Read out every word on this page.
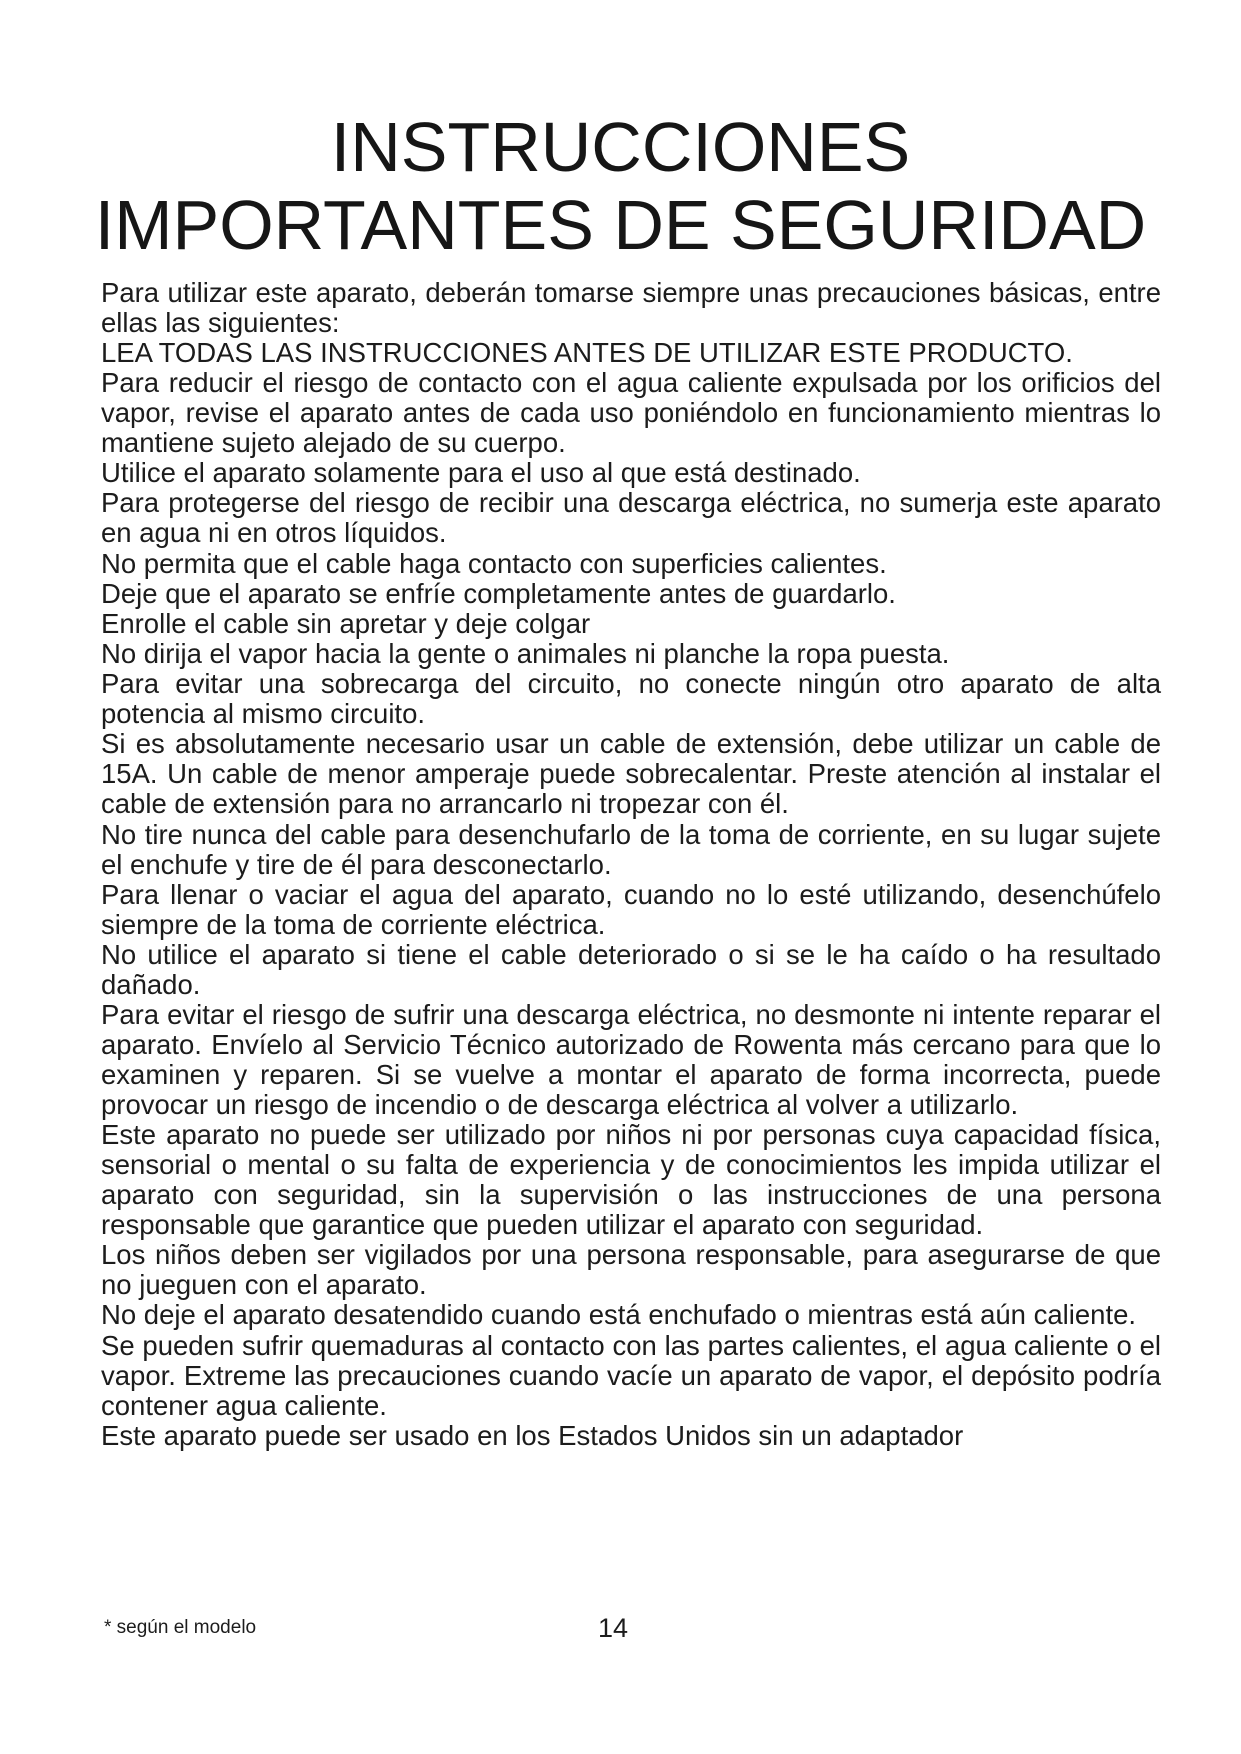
INSTRUCCIONES
IMPORTANTES DE SEGURIDAD

Para utilizar este aparato, deberán tomarse siempre unas precauciones básicas, entre ellas las siguientes:

LEA TODAS LAS INSTRUCCIONES ANTES DE UTILIZAR ESTE PRODUCTO.

Para reducir el riesgo de contacto con el agua caliente expulsada por los orificios del vapor, revise el aparato antes de cada uso poniéndolo en funcionamiento mientras lo mantiene sujeto alejado de su cuerpo.

Utilice el aparato solamente para el uso al que está destinado.

Para protegerse del riesgo de recibir una descarga eléctrica, no sumerja este aparato en agua ni en otros líquidos.

No permita que el cable haga contacto con superficies calientes.

Deje que el aparato se enfríe completamente antes de guardarlo.

Enrolle el cable sin apretar y deje colgar

No dirija el vapor hacia la gente o animales ni planche la ropa puesta.

Para evitar una sobrecarga del circuito, no conecte ningún otro aparato de alta potencia al mismo circuito.

Si es absolutamente necesario usar un cable de extensión, debe utilizar un cable de 15A. Un cable de menor amperaje puede sobrecalentar. Preste atención al instalar el cable de extensión para no arrancarlo ni tropezar con él.

No tire nunca del cable para desenchufarlo de la toma de corriente, en su lugar sujete el enchufe y tire de él para desconectarlo.

Para llenar o vaciar el agua del aparato, cuando no lo esté utilizando, desenchúfelo siempre de la toma de corriente eléctrica.

No utilice el aparato si tiene el cable deteriorado o si se le ha caído o ha resultado dañado.

Para evitar el riesgo de sufrir una descarga eléctrica, no desmonte ni intente reparar el aparato. Envíelo al Servicio Técnico autorizado de Rowenta más cercano para que lo examinen y reparen. Si se vuelve a montar el aparato de forma incorrecta, puede provocar un riesgo de incendio o de descarga eléctrica al volver a utilizarlo.

Este aparato no puede ser utilizado por niños ni por personas cuya capacidad física, sensorial o mental o su falta de experiencia y de conocimientos les impida utilizar el aparato con seguridad, sin la supervisión o las instrucciones de una persona responsable que garantice que pueden utilizar el aparato con seguridad.

Los niños deben ser vigilados por una persona responsable, para asegurarse de que no jueguen con el aparato.

No deje el aparato desatendido cuando está enchufado o mientras está aún caliente.

Se pueden sufrir quemaduras al contacto con las partes calientes, el agua caliente o el vapor. Extreme las precauciones cuando vacíe un aparato de vapor, el depósito podría contener agua caliente.

Este aparato puede ser usado en los Estados Unidos sin un adaptador

* según el modelo	14
